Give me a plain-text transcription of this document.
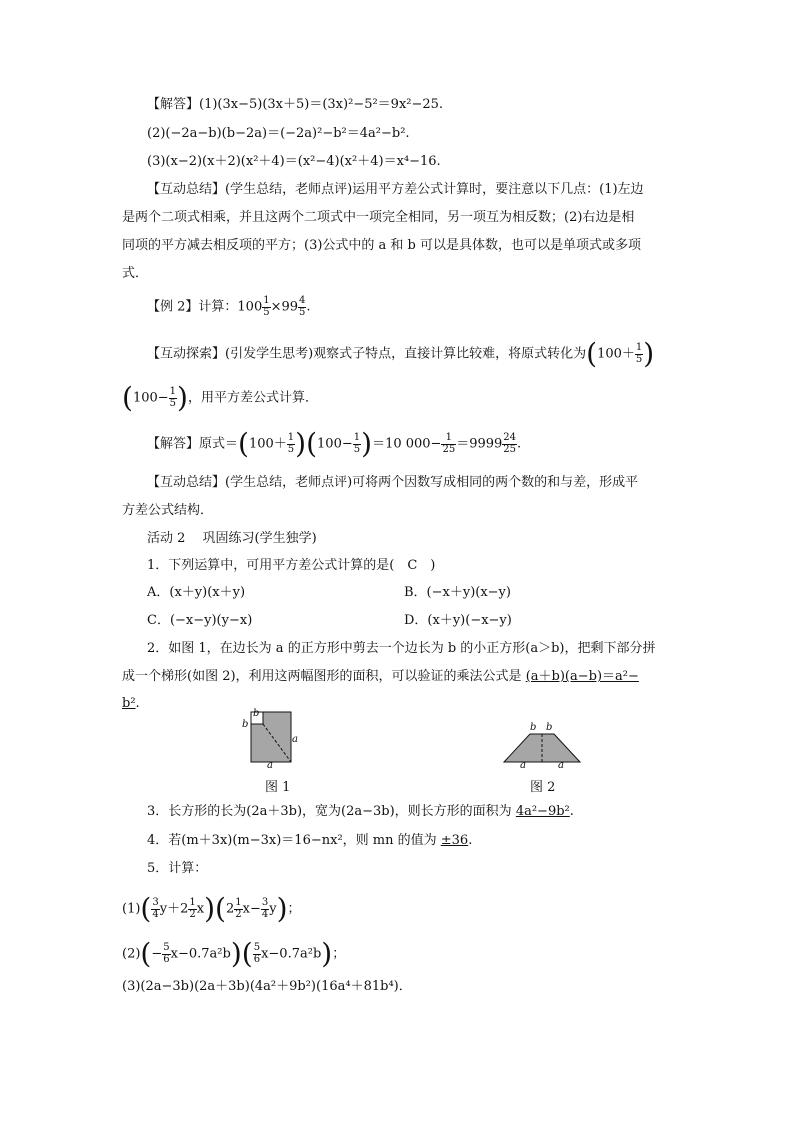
【解答】(1)(3x−5)(3x＋5)＝(3x)²−5²＝9x²−25.
(2)(−2a−b)(b−2a)＝(−2a)²−b²＝4a²−b².
(3)(x−2)(x＋2)(x²＋4)＝(x²−4)(x²＋4)＝x⁴−16.
【互动总结】(学生总结，老师点评)运用平方差公式计算时，要注意以下几点：(1)左边
是两个二项式相乘，并且这两个二项式中一项完全相同，另一项互为相反数；(2)右边是相
同项的平方减去相反项的平方；(3)公式中的 a 和 b 可以是具体数，也可以是单项式或多项
式．
【例 2】计算：$100 \frac{1}{5} \times 99 \frac{4}{5}$ .
【互动探索】(引发学生思考)观察式子特点，直接计算比较难，将原式转化为($100+ \frac{1}{5}$ )
($100- \frac{1}{5}$ )，用平方差公式计算．
【解答】原式$=(100+ \frac{1}{5} )(100- \frac{1}{5} )=10$ $000- \frac{1}{25} =9999 \frac{24}{25}$ .
【互动总结】(学生总结，老师点评)可将两个因数写成相同的两个数的和与差，形成平
方差公式结构．
活动 2　 巩固练习(学生独学)
1．下列运算中，可用平方差公式计算的是(　C　)
A．(x＋y)(x＋y)	B．(−x＋y)(x−y)
C．(−x−y)(y−x)	D．(x＋y)(−x−y)
2．如图 1，在边长为 a 的正方形中剪去一个边长为 b 的小正方形(a＞b)，把剩下部分拼
成一个梯形(如图 2)，利用这两幅图形的面积，可以验证的乘法公式是 (a＋b)(a−b)＝a²−
b².
b
b
a
a
图 1
b b
a	a
图 2
3．长方形的长为(2a＋3b)，宽为(2a−3b)，则长方形的面积为 4a²−9b².
4．若(m＋3x)(m−3x)＝16−nx²，则 mn 的值为 ±36.
5．计算：
$(1)( \frac{3}{4} y+2 \frac{1}{2} x)(2 \frac{1}{2} x- \frac{3}{4} y)$；
$(2)(- \frac{5}{6} x-0.7a^2b)( \frac{5}{6} x-0.7a^2b)$；
(3)(2a−3b)(2a＋3b)(4a²＋9b²)(16a⁴＋81b⁴)．
